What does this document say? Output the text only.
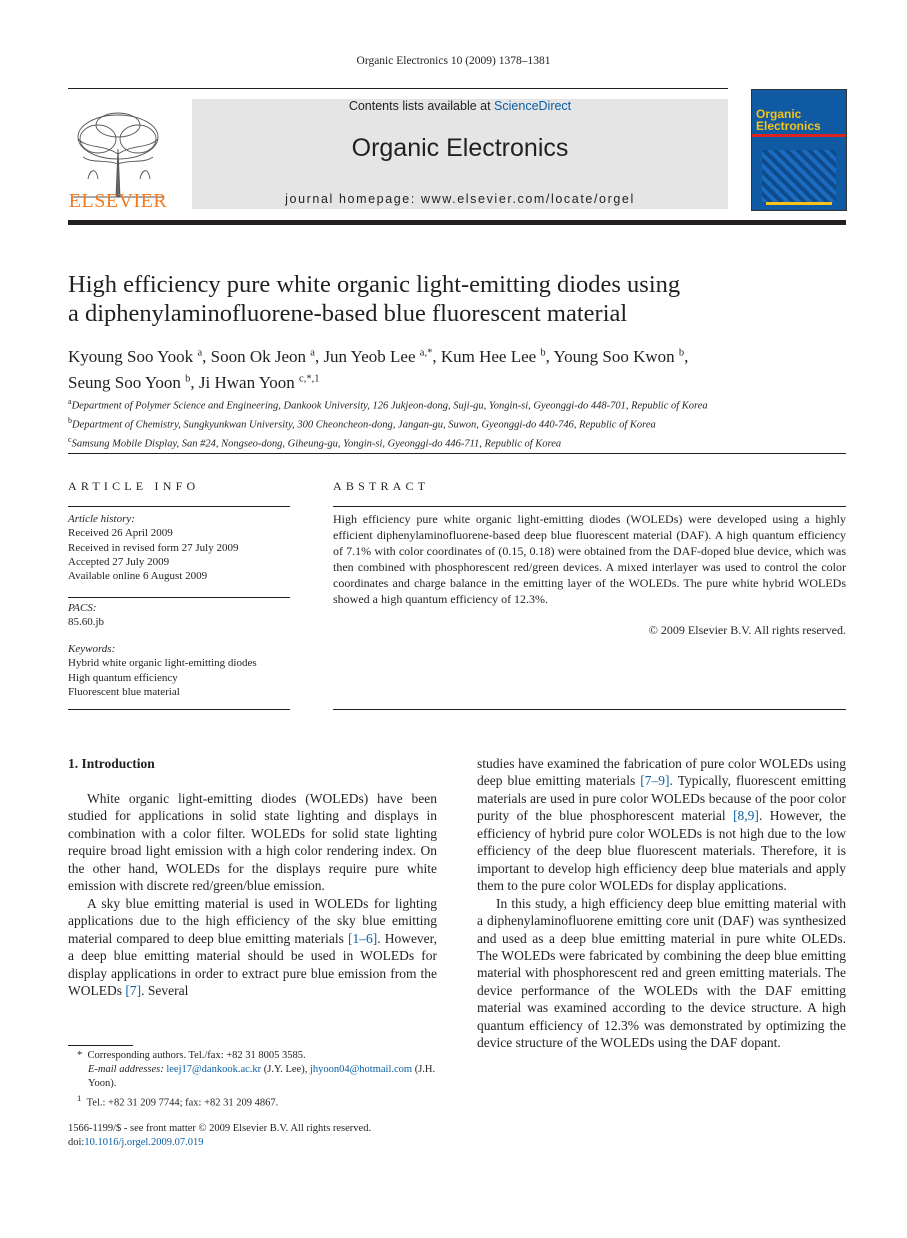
Organic Electronics 10 (2009) 1378–1381
ELSEVIER
Contents lists available at ScienceDirect
Organic Electronics
journal homepage: www.elsevier.com/locate/orgel
Organic
Electronics
High efficiency pure white organic light-emitting diodes using
a diphenylaminofluorene-based blue fluorescent material
Kyoung Soo Yook $^a$, Soon Ok Jeon $^a$, Jun Yeob Lee $^{a,*}$, Kum Hee Lee $^b$, Young Soo Kwon $^b$,
Seung Soo Yoon $^b$, Ji Hwan Yoon $^{c,*,1}$
$^a$Department of Polymer Science and Engineering, Dankook University, 126 Jukjeon-dong, Suji-gu, Yongin-si, Gyeonggi-do 448-701, Republic of Korea
$^b$Department of Chemistry, Sungkyunkwan University, 300 Cheoncheon-dong, Jangan-gu, Suwon, Gyeonggi-do 440-746, Republic of Korea
$^c$Samsung Mobile Display, San #24, Nongseo-dong, Giheung-gu, Yongin-si, Gyeonggi-do 446-711, Republic of Korea
ARTICLE INFO
Article history:
Received 26 April 2009
Received in revised form 27 July 2009
Accepted 27 July 2009
Available online 6 August 2009
PACS:
85.60.jb
Keywords:
Hybrid white organic light-emitting diodes
High quantum efficiency
Fluorescent blue material
ABSTRACT
High efficiency pure white organic light-emitting diodes (WOLEDs) were developed using a highly efficient diphenylaminofluorene-based deep blue fluorescent material (DAF). A high quantum efficiency of 7.1% with color coordinates of (0.15, 0.18) were obtained from the DAF-doped blue device, which was then combined with phosphorescent red/green devices. A mixed interlayer was used to control the color coordinates and charge balance in the emitting layer of the WOLEDs. The pure white hybrid WOLEDs showed a high quantum efficiency of 12.3%.
© 2009 Elsevier B.V. All rights reserved.
1. Introduction

White organic light-emitting diodes (WOLEDs) have been studied for applications in solid state lighting and displays in combination with a color filter. WOLEDs for solid state lighting require broad light emission with a high color rendering index. On the other hand, WOLEDs for the displays require pure white emission with discrete red/green/blue emission.

A sky blue emitting material is used in WOLEDs for lighting applications due to the high efficiency of the sky blue emitting material compared to deep blue emitting materials [1–6]. However, a deep blue emitting material should be used in WOLEDs for display applications in order to extract pure blue emission from the WOLEDs [7]. Several

studies have examined the fabrication of pure color WOLEDs using deep blue emitting materials [7–9]. Typically, fluorescent emitting materials are used in pure color WOLEDs because of the poor color purity of the blue phosphorescent material [8,9]. However, the efficiency of hybrid pure color WOLEDs is not high due to the low efficiency of the deep blue fluorescent materials. Therefore, it is important to develop high efficiency deep blue materials and apply them to the pure color WOLEDs for display applications.

In this study, a high efficiency deep blue emitting material with a diphenylaminofluorene emitting core unit (DAF) was synthesized and used as a deep blue emitting material in pure white OLEDs. The WOLEDs were fabricated by combining the deep blue emitting material with phosphorescent red and green emitting materials. The device performance of the WOLEDs with the DAF emitting material was examined according to the device structure. A high quantum efficiency of 12.3% was demonstrated by optimizing the device structure of the WOLEDs using the DAF dopant.

*  Corresponding authors. Tel./fax: +82 31 8005 3585.
E-mail addresses: leej17@dankook.ac.kr (J.Y. Lee), jhyoon04@hotmail.com (J.H. Yoon).
$^1$ Tel.: +82 31 209 7744; fax: +82 31 209 4867.
1566-1199/$ - see front matter © 2009 Elsevier B.V. All rights reserved.
doi:10.1016/j.orgel.2009.07.019
